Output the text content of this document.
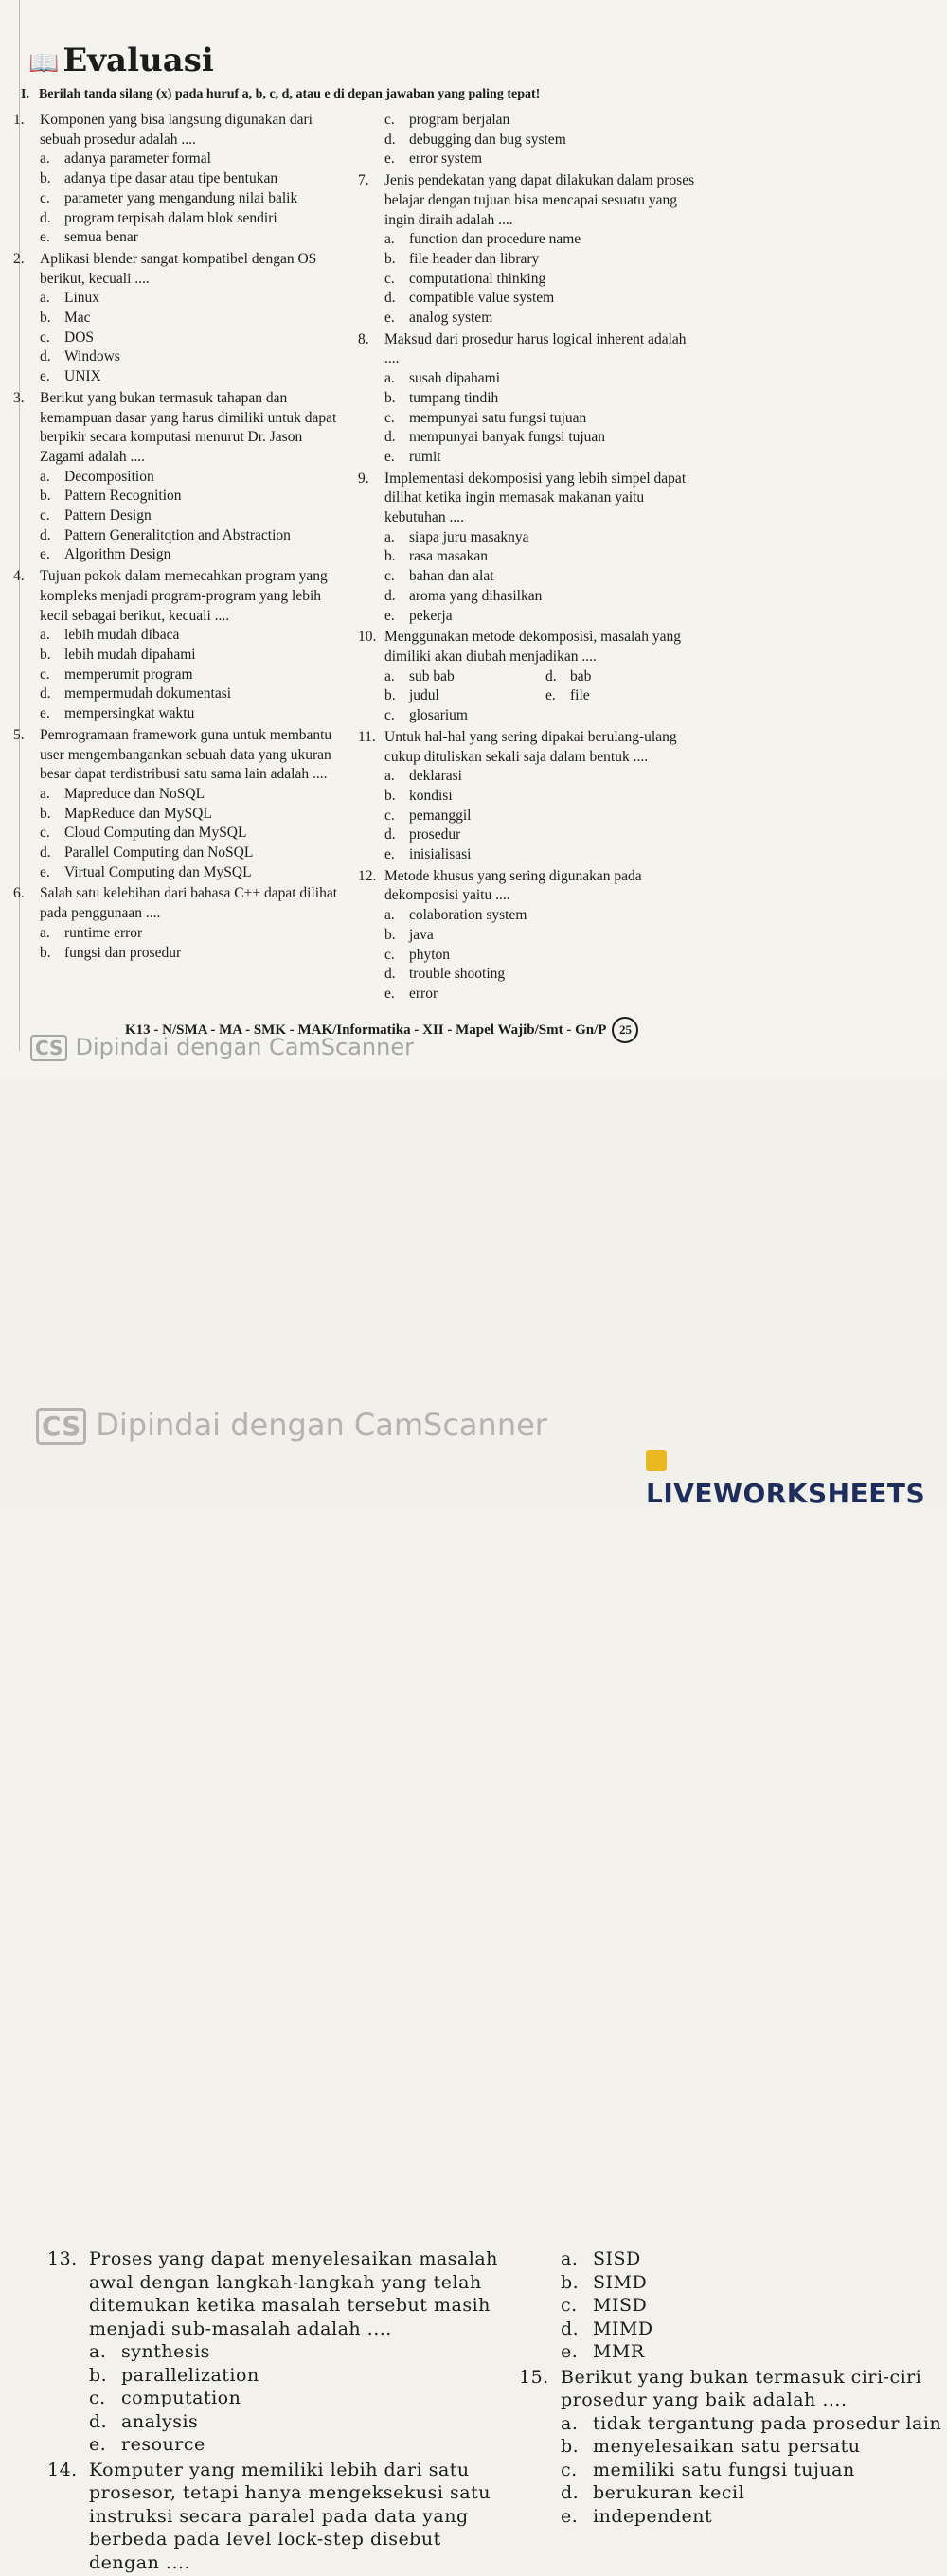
📖 Evaluasi
I. Berilah tanda silang (x) pada huruf a, b, c, d, atau e di depan jawaban yang paling tepat!
1.	Komponen yang bisa langsung digunakan dari sebuah prosedur adalah ....
a. adanya parameter formal
b. adanya tipe dasar atau tipe bentukan
c. parameter yang mengandung nilai balik
d. program terpisah dalam blok sendiri
e. semua benar
2.	Aplikasi blender sangat kompatibel dengan OS berikut, kecuali ....
a. Linux
b. Mac
c. DOS
d. Windows
e. UNIX
3.	Berikut yang bukan termasuk tahapan dan kemampuan dasar yang harus dimiliki untuk dapat berpikir secara komputasi menurut Dr. Jason Zagami adalah ....
a. Decomposition
b. Pattern Recognition
c. Pattern Design
d. Pattern Generalitqtion and Abstraction
e. Algorithm Design
4.	Tujuan pokok dalam memecahkan program yang kompleks menjadi program-program yang lebih kecil sebagai berikut, kecuali ....
a. lebih mudah dibaca
b. lebih mudah dipahami
c. memperumit program
d. mempermudah dokumentasi
e. mempersingkat waktu
5.	Pemrogramaan framework guna untuk membantu user mengembangankan sebuah data yang ukuran besar dapat terdistribusi satu sama lain adalah ....
a. Mapreduce dan NoSQL
b. MapReduce dan MySQL
c. Cloud Computing dan MySQL
d. Parallel Computing dan NoSQL
e. Virtual Computing dan MySQL
6.	Salah satu kelebihan dari bahasa C++ dapat dilihat pada penggunaan ....
a. runtime error
b. fungsi dan prosedur
c. program berjalan
d. debugging dan bug system
e. error system
7.	Jenis pendekatan yang dapat dilakukan dalam proses belajar dengan tujuan bisa mencapai sesuatu yang ingin diraih adalah ....
a. function dan procedure name
b. file header dan library
c. computational thinking
d. compatible value system
e. analog system
8.	Maksud dari prosedur harus logical inherent adalah ....
a. susah dipahami
b. tumpang tindih
c. mempunyai satu fungsi tujuan
d. mempunyai banyak fungsi tujuan
e. rumit
9.	Implementasi dekomposisi yang lebih simpel dapat dilihat ketika ingin memasak makanan yaitu kebutuhan ....
a. siapa juru masaknya
b. rasa masakan
c. bahan dan alat
d. aroma yang dihasilkan
e. pekerja
10. Menggunakan metode dekomposisi, masalah yang dimiliki akan diubah menjadikan ....
a. sub bab	d. bab
b. judul	e. file
c. glosarium
11. Untuk hal-hal yang sering dipakai berulang-ulang cukup dituliskan sekali saja dalam bentuk ....
a. deklarasi
b. kondisi
c. pemanggil
d. prosedur
e. inisialisasi
12. Metode khusus yang sering digunakan pada dekomposisi yaitu ....
a. colaboration system
b. java
c. phyton
d. trouble shooting
e. error
K13 - N/SMA - MA - SMK - MAK/Informatika - XII - Mapel Wajib/Smt - Gn/P 25
CS Dipindai dengan CamScanner
13. Proses yang dapat menyelesaikan masalah awal dengan langkah-langkah yang telah ditemukan ketika masalah tersebut masih menjadi sub-masalah adalah ....
a. synthesis
b. parallelization
c. computation
d. analysis
e. resource
14. Komputer yang memiliki lebih dari satu prosesor, tetapi hanya mengeksekusi satu instruksi secara paralel pada data yang berbeda pada level lock-step disebut dengan ....
a. SISD
b. SIMD
c. MISD
d. MIMD
e. MMR
15. Berikut yang bukan termasuk ciri-ciri prosedur yang baik adalah ....
a. tidak tergantung pada prosedur lain
b. menyelesaikan satu persatu
c. memiliki satu fungsi tujuan
d. berukuran kecil
e. independent
CS Dipindai dengan CamScanner
LIVEWORKSHEETS
